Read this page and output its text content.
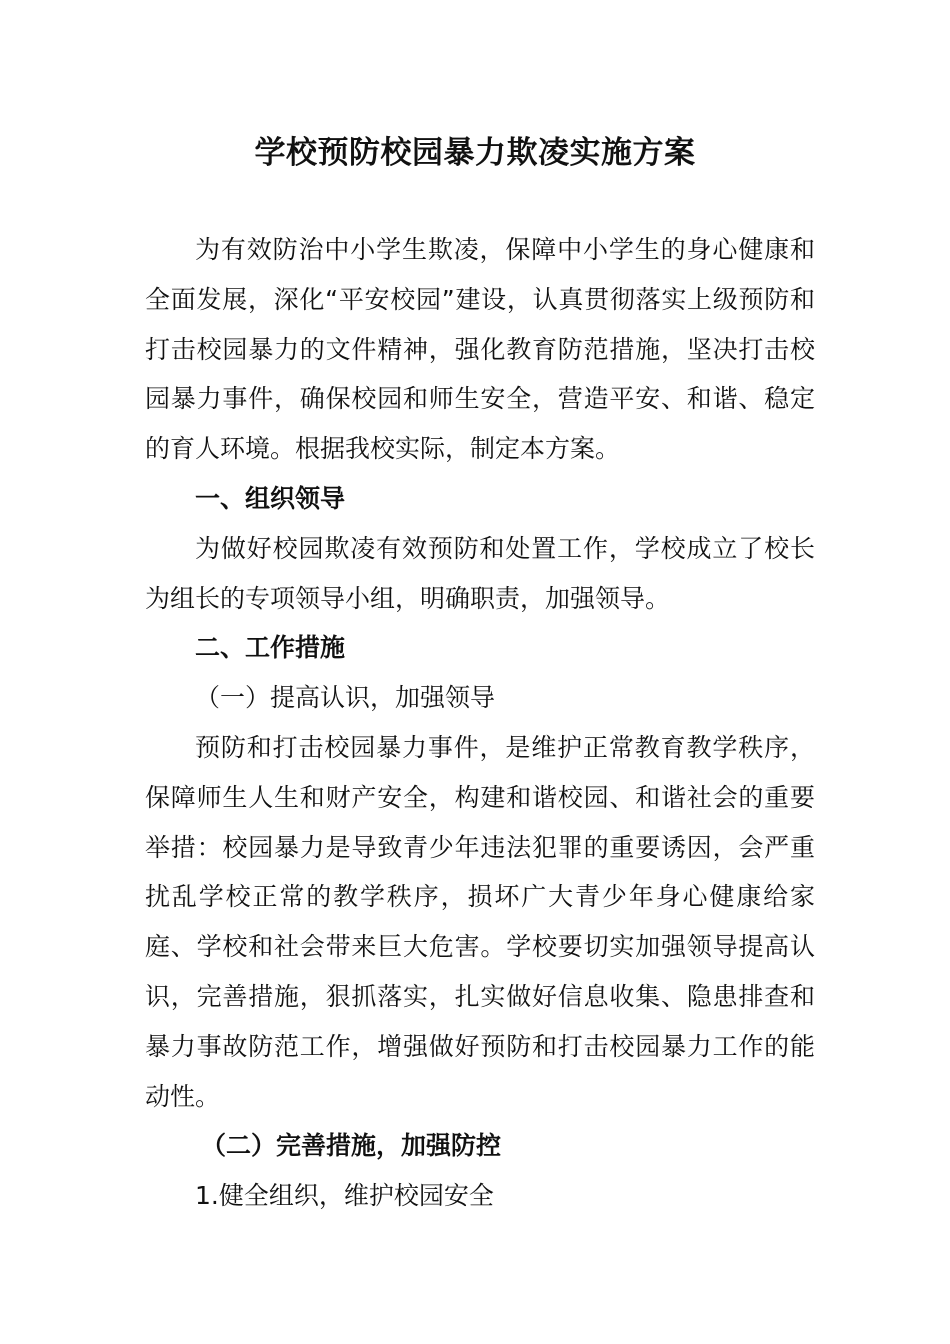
学校预防校园暴力欺凌实施方案

为有效防治中小学生欺凌，保障中小学生的身心健康和全面发展，深化“平安校园”建设，认真贯彻落实上级预防和打击校园暴力的文件精神，强化教育防范措施，坚决打击校园暴力事件，确保校园和师生安全，营造平安、和谐、稳定的育人环境。根据我校实际，制定本方案。

一、组织领导

为做好校园欺凌有效预防和处置工作，学校成立了校长为组长的专项领导小组，明确职责，加强领导。

二、工作措施

（一）提高认识，加强领导

预防和打击校园暴力事件，是维护正常教育教学秩序，保障师生人生和财产安全，构建和谐校园、和谐社会的重要举措：校园暴力是导致青少年违法犯罪的重要诱因，会严重扰乱学校正常的教学秩序，损坏广大青少年身心健康给家庭、学校和社会带来巨大危害。学校要切实加强领导提高认识，完善措施，狠抓落实，扎实做好信息收集、隐患排查和暴力事故防范工作，增强做好预防和打击校园暴力工作的能动性。

（二）完善措施，加强防控

1.健全组织，维护校园安全
